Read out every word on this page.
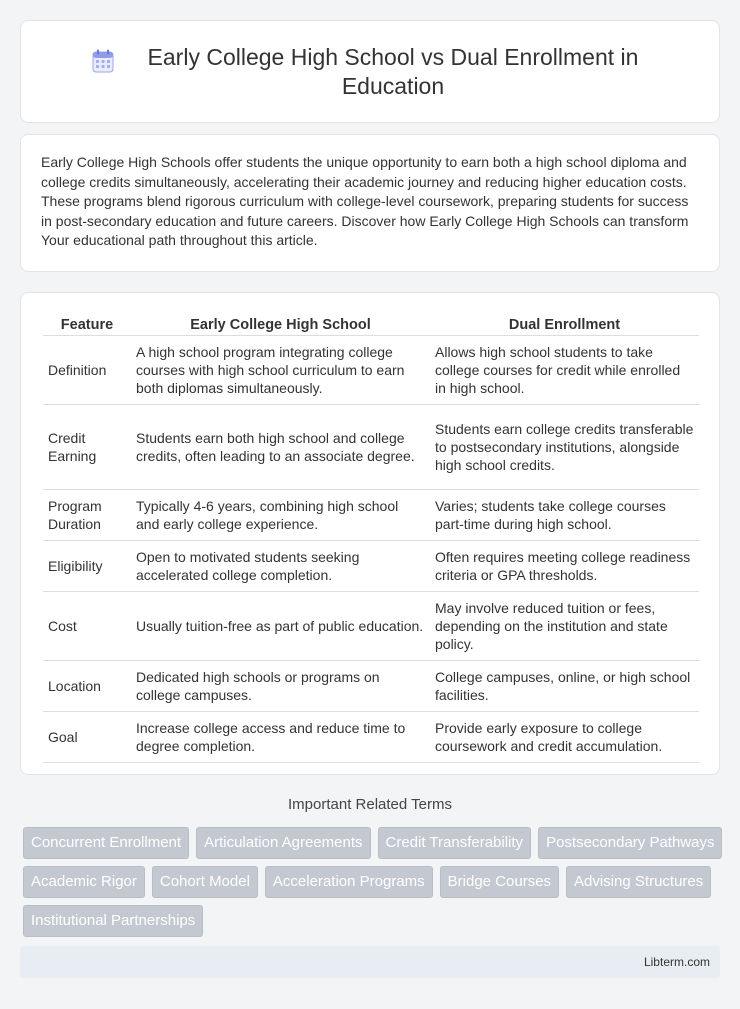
Early College High School vs Dual Enrollment in Education

Early College High Schools offer students the unique opportunity to earn both a high school diploma and college credits simultaneously, accelerating their academic journey and reducing higher education costs. These programs blend rigorous curriculum with college-level coursework, preparing students for success in post-secondary education and future careers. Discover how Early College High Schools can transform Your educational path throughout this article.

Feature	Early College High School	Dual Enrollment
Definition	A high school program integrating college courses with high school curriculum to earn both diplomas simultaneously.	Allows high school students to take college courses for credit while enrolled in high school.
Credit Earning	Students earn both high school and college credits, often leading to an associate degree.	Students earn college credits transferable to postsecondary institutions, alongside high school credits.
Program Duration	Typically 4-6 years, combining high school and early college experience.	Varies; students take college courses part-time during high school.
Eligibility	Open to motivated students seeking accelerated college completion.	Often requires meeting college readiness criteria or GPA thresholds.
Cost	Usually tuition-free as part of public education.	May involve reduced tuition or fees, depending on the institution and state policy.
Location	Dedicated high schools or programs on college campuses.	College campuses, online, or high school facilities.
Goal	Increase college access and reduce time to degree completion.	Provide early exposure to college coursework and credit accumulation.
Important Related Terms
Concurrent Enrollment	Articulation Agreements	Credit Transferability	Postsecondary Pathways
Academic Rigor	Cohort Model	Acceleration Programs	Bridge Courses	Advising Structures
Institutional Partnerships
Libterm.com
